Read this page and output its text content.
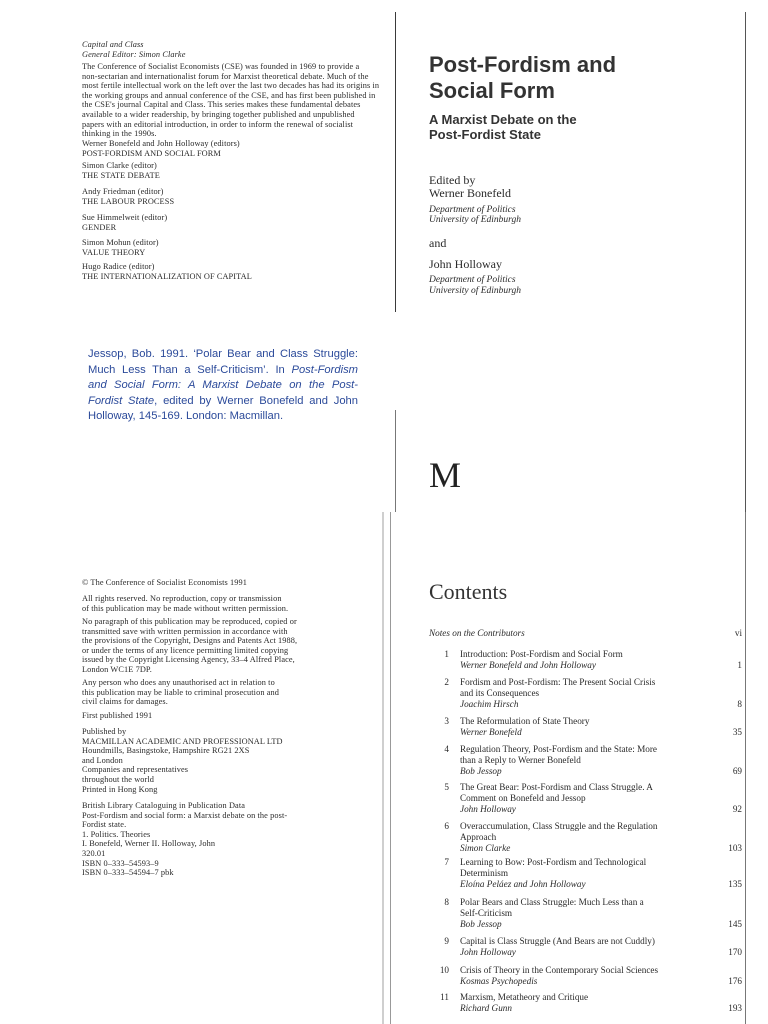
Capital and Class
General Editor: Simon Clarke
The Conference of Socialist Economists (CSE) was founded in 1969 to provide a
non-sectarian and internationalist forum for Marxist theoretical debate. Much of the
most fertile intellectual work on the left over the last two decades has had its origins in
the working groups and annual conference of the CSE, and has first been published in
the CSE's journal Capital and Class. This series makes these fundamental debates
available to a wider readership, by bringing together published and unpublished
papers with an editorial introduction, in order to inform the renewal of socialist
thinking in the 1990s.
Werner Bonefeld and John Holloway (editors)
POST-FORDISM AND SOCIAL FORM
Simon Clarke (editor)
THE STATE DEBATE
Andy Friedman (editor)
THE LABOUR PROCESS
Sue Himmelweit (editor)
GENDER
Simon Mohun (editor)
VALUE THEORY
Hugo Radice (editor)
THE INTERNATIONALIZATION OF CAPITAL
Jessop, Bob. 1991. ‘Polar Bear and Class Struggle: Much Less Than a Self-Criticism’. In Post-Fordism and Social Form: A Marxist Debate on the Post-Fordist State, edited by Werner Bonefeld and John Holloway, 145-169. London: Macmillan.
Post-Fordism and
Social Form
A Marxist Debate on the
Post-Fordist State
Edited by
Werner Bonefeld
Department of Politics
University of Edinburgh
and
John Holloway
Department of Politics
University of Edinburgh
M
© The Conference of Socialist Economists 1991
All rights reserved. No reproduction, copy or transmission
of this publication may be made without written permission.
No paragraph of this publication may be reproduced, copied or
transmitted save with written permission in accordance with
the provisions of the Copyright, Designs and Patents Act 1988,
or under the terms of any licence permitting limited copying
issued by the Copyright Licensing Agency, 33–4 Alfred Place,
London WC1E 7DP.
Any person who does any unauthorised act in relation to
this publication may be liable to criminal prosecution and
civil claims for damages.
First published 1991
Published by
MACMILLAN ACADEMIC AND PROFESSIONAL LTD
Houndmills, Basingstoke, Hampshire RG21 2XS
and London
Companies and representatives
throughout the world
Printed in Hong Kong
British Library Cataloguing in Publication Data
Post-Fordism and social form: a Marxist debate on the post-
Fordist state.
1. Politics. Theories
I. Bonefeld, Werner II. Holloway, John
320.01
ISBN 0–333–54593–9
ISBN 0–333–54594–7 pbk
Contents
Notes on the Contributors	vi
1 Introduction: Post-Fordism and Social Form
Werner Bonefeld and John Holloway	1
2 Fordism and Post-Fordism: The Present Social Crisis
and its Consequences
Joachim Hirsch	8
3 The Reformulation of State Theory
Werner Bonefeld	35
4 Regulation Theory, Post-Fordism and the State: More
than a Reply to Werner Bonefeld
Bob Jessop	69
5 The Great Bear: Post-Fordism and Class Struggle. A
Comment on Bonefeld and Jessop
John Holloway	92
6 Overaccumulation, Class Struggle and the Regulation
Approach
Simon Clarke	103
7 Learning to Bow: Post-Fordism and Technological
Determinism
Eloína Peláez and John Holloway	135
8 Polar Bears and Class Struggle: Much Less than a
Self-Criticism
Bob Jessop	145
9 Capital is Class Struggle (And Bears are not Cuddly)
John Holloway	170
10 Crisis of Theory in the Contemporary Social Sciences
Kosmas Psychopedis	176
11 Marxism, Metatheory and Critique
Richard Gunn	193
